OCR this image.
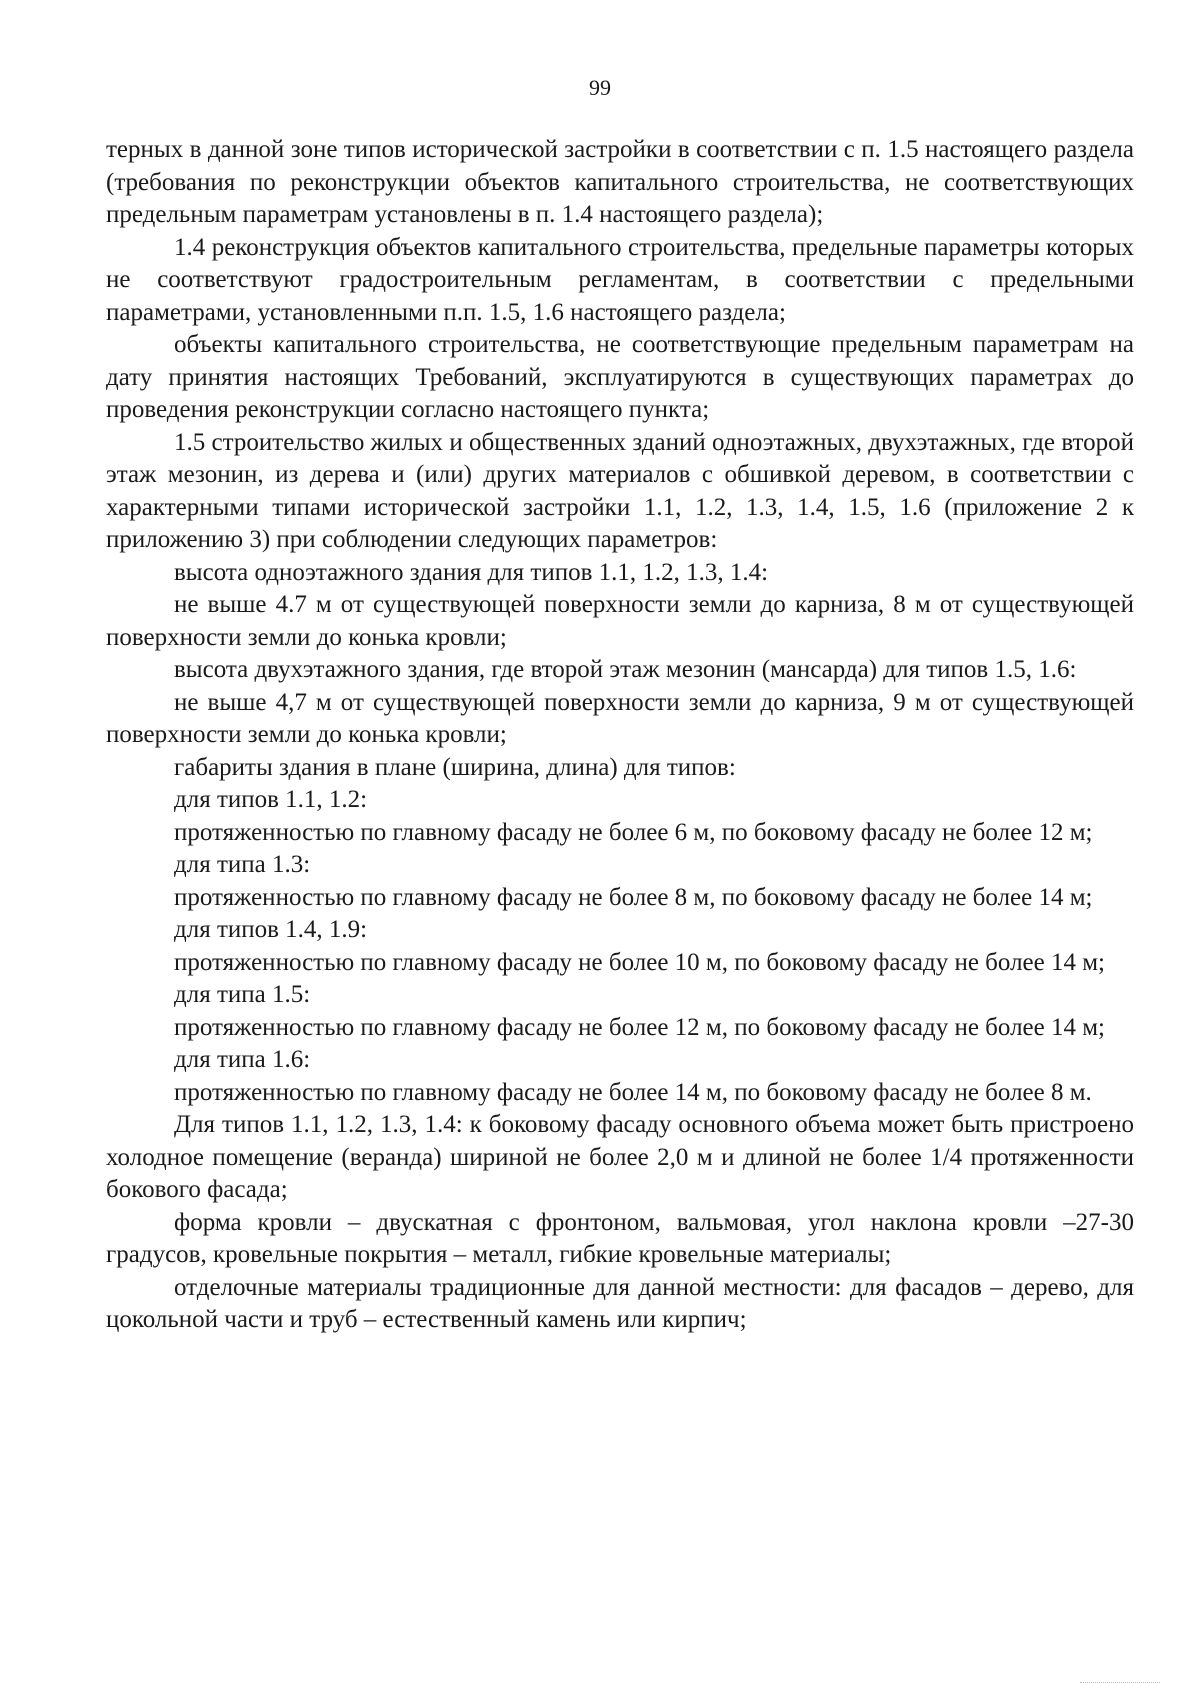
99

терных в данной зоне типов исторической застройки в соответствии с п. 1.5 настоящего раздела (требования по реконструкции объектов капитального строительства, не соответствующих предельным параметрам установлены в п. 1.4 настоящего раздела);

1.4 реконструкция объектов капитального строительства, предельные параметры которых не соответствуют градостроительным регламентам, в соответствии с предельными параметрами, установленными п.п. 1.5, 1.6 настоящего раздела;

объекты капитального строительства, не соответствующие предельным параметрам на дату принятия настоящих Требований, эксплуатируются в существующих параметрах до проведения реконструкции согласно настоящего пункта;

1.5 строительство жилых и общественных зданий одноэтажных, двухэтажных, где второй этаж мезонин, из дерева и (или) других материалов с обшивкой деревом, в соответствии с характерными типами исторической застройки 1.1, 1.2, 1.3, 1.4, 1.5, 1.6 (приложение 2 к приложению 3) при соблюдении следующих параметров:

высота одноэтажного здания для типов 1.1, 1.2, 1.3, 1.4:

не выше 4.7 м от существующей поверхности земли до карниза, 8 м от существующей поверхности земли до конька кровли;

высота двухэтажного здания, где второй этаж мезонин (мансарда) для типов 1.5, 1.6:

не выше 4,7 м от существующей поверхности земли до карниза, 9 м от существующей поверхности земли до конька кровли;

габариты здания в плане (ширина, длина) для типов:

для типов 1.1, 1.2:

протяженностью по главному фасаду не более 6 м, по боковому фасаду не более 12 м;

для типа 1.3:

протяженностью по главному фасаду не более 8 м, по боковому фасаду не более 14 м;

для типов 1.4, 1.9:

протяженностью по главному фасаду не более 10 м, по боковому фасаду не более 14 м;

для типа 1.5:

протяженностью по главному фасаду не более 12 м, по боковому фасаду не более 14 м;

для типа 1.6:

протяженностью по главному фасаду не более 14 м, по боковому фасаду не более 8 м.

Для типов 1.1, 1.2, 1.3, 1.4: к боковому фасаду основного объема может быть пристроено холодное помещение (веранда) шириной не более 2,0 м и длиной не более 1/4 протяженности бокового фасада;

форма кровли – двускатная с фронтоном, вальмовая, угол наклона кровли –27-30 градусов, кровельные покрытия – металл, гибкие кровельные материалы;

отделочные материалы традиционные для данной местности: для фасадов – дерево, для цокольной части и труб – естественный камень или кирпич;
